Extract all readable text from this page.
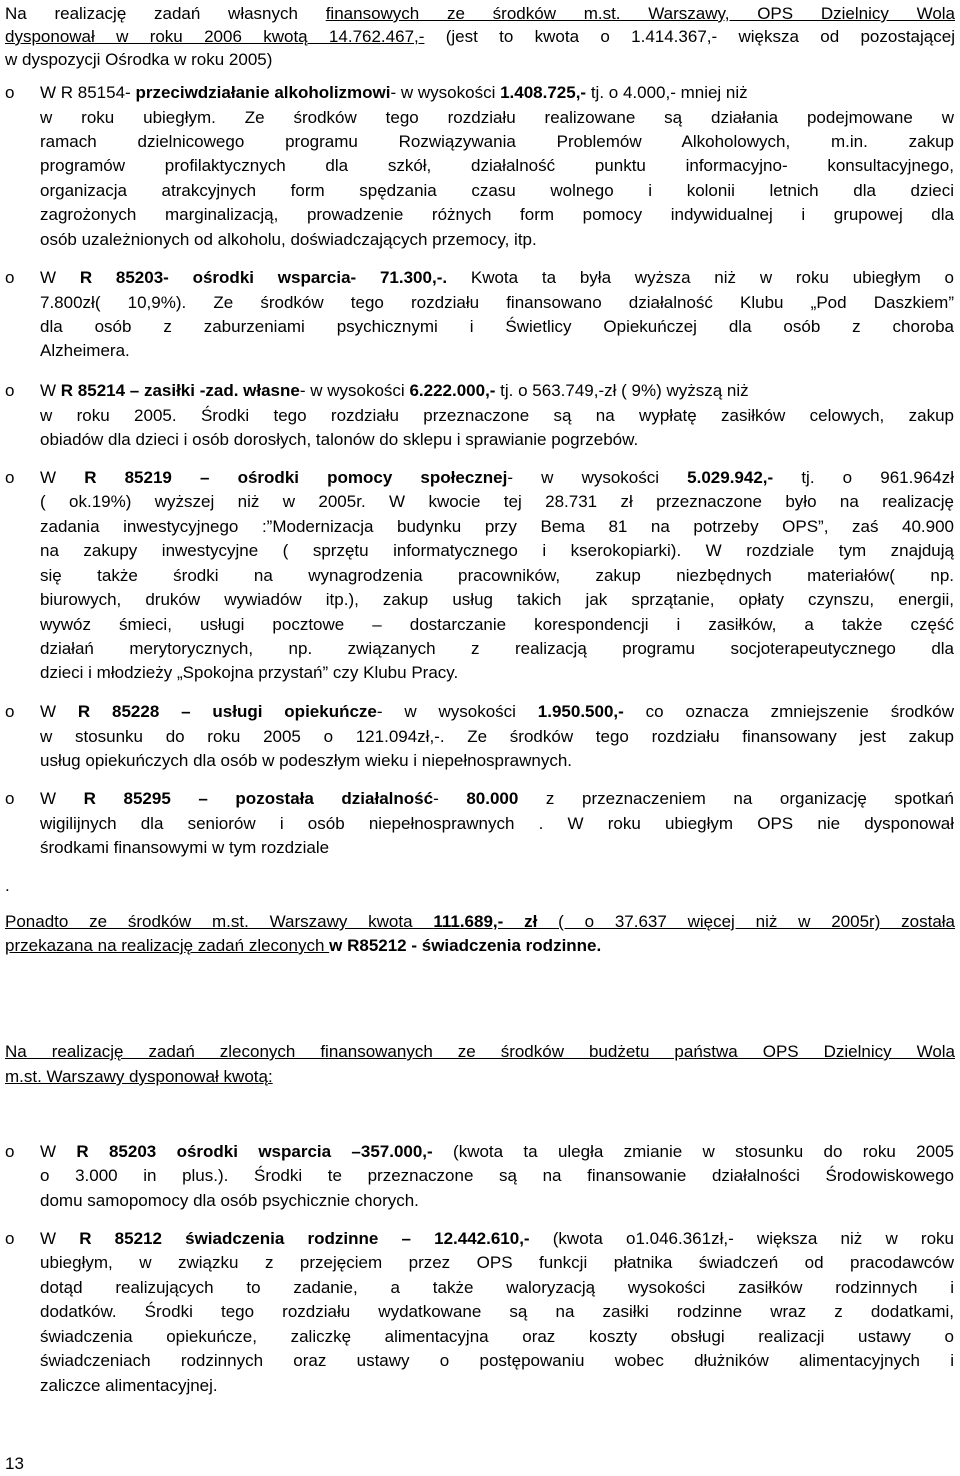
Na realizację zadań własnych finansowych ze środków m.st. Warszawy, OPS Dzielnicy Wola
dysponował w roku 2006 kwotą 14.762.467,- (jest to kwota o 1.414.367,- większa od pozostającej
w dyspozycji Ośrodka w roku 2005)
o W R 85154- przeciwdziałanie alkoholizmowi- w wysokości 1.408.725,- tj. o 4.000,- mniej niż
w roku ubiegłym. Ze środków tego rozdziału realizowane są działania podejmowane w
ramach dzielnicowego programu Rozwiązywania Problemów Alkoholowych, m.in. zakup
programów profilaktycznych dla szkół, działalność punktu informacyjno- konsultacyjnego,
organizacja atrakcyjnych form spędzania czasu wolnego i kolonii letnich dla dzieci
zagrożonych marginalizacją, prowadzenie różnych form pomocy indywidualnej i grupowej dla
osób uzależnionych od alkoholu, doświadczających przemocy, itp.
o W R 85203- ośrodki wsparcia- 71.300,-. Kwota ta była wyższa niż w roku ubiegłym o
7.800zł( 10,9%). Ze środków tego rozdziału finansowano działalność Klubu „Pod Daszkiem”
dla osób z zaburzeniami psychicznymi i Świetlicy Opiekuńczej dla osób z choroba
Alzheimera.
o W R 85214 – zasiłki -zad. własne- w wysokości 6.222.000,- tj. o 563.749,-zł ( 9%) wyższą niż
w roku 2005. Środki tego rozdziału przeznaczone są na wypłatę zasiłków celowych, zakup
obiadów dla dzieci i osób dorosłych, talonów do sklepu i sprawianie pogrzebów.
o W R 85219 – ośrodki pomocy społecznej- w wysokości 5.029.942,- tj. o 961.964zł
( ok.19%) wyższej niż w 2005r. W kwocie tej 28.731 zł przeznaczone było na realizację
zadania inwestycyjnego :”Modernizacja budynku przy Bema 81 na potrzeby OPS”, zaś 40.900
na zakupy inwestycyjne ( sprzętu informatycznego i kserokopiarki). W rozdziale tym znajdują
się także środki na wynagrodzenia pracowników, zakup niezbędnych materiałów( np.
biurowych, druków wywiadów itp.), zakup usług takich jak sprzątanie, opłaty czynszu, energii,
wywóz śmieci, usługi pocztowe – dostarczanie korespondencji i zasiłków, a także część
działań merytorycznych, np. związanych z realizacją programu socjoterapeutycznego dla
dzieci i młodzieży „Spokojna przystań” czy Klubu Pracy.
o W R 85228 – usługi opiekuńcze- w wysokości 1.950.500,- co oznacza zmniejszenie środków
w stosunku do roku 2005 o 121.094zł,-. Ze środków tego rozdziału finansowany jest zakup
usług opiekuńczych dla osób w podeszłym wieku i niepełnosprawnych.
o W R 85295 – pozostała działalność- 80.000 z przeznaczeniem na organizację spotkań
wigilijnych dla seniorów i osób niepełnosprawnych . W roku ubiegłym OPS nie dysponował
środkami finansowymi w tym rozdziale
.
Ponadto ze środków m.st. Warszawy kwota 111.689,- zł ( o 37.637 więcej niż w 2005r) została
przekazana na realizację zadań zleconych w R85212 - świadczenia rodzinne.
Na realizację zadań zleconych finansowanych ze środków budżetu państwa OPS Dzielnicy Wola
m.st. Warszawy dysponował kwotą:
o W R 85203 ośrodki wsparcia –357.000,- (kwota ta uległa zmianie w stosunku do roku 2005
o 3.000 in plus.). Środki te przeznaczone są na finansowanie działalności Środowiskowego
domu samopomocy dla osób psychicznie chorych.
o W R 85212 świadczenia rodzinne – 12.442.610,- (kwota o1.046.361zł,- większa niż w roku
ubiegłym, w związku z przejęciem przez OPS funkcji płatnika świadczeń od pracodawców
dotąd realizujących to zadanie, a także waloryzacją wysokości zasiłków rodzinnych i
dodatków. Środki tego rozdziału wydatkowane są na zasiłki rodzinne wraz z dodatkami,
świadczenia opiekuńcze, zaliczkę alimentacyjna oraz koszty obsługi realizacji ustawy o
świadczeniach rodzinnych oraz ustawy o postępowaniu wobec dłużników alimentacyjnych i
zaliczce alimentacyjnej.
13
